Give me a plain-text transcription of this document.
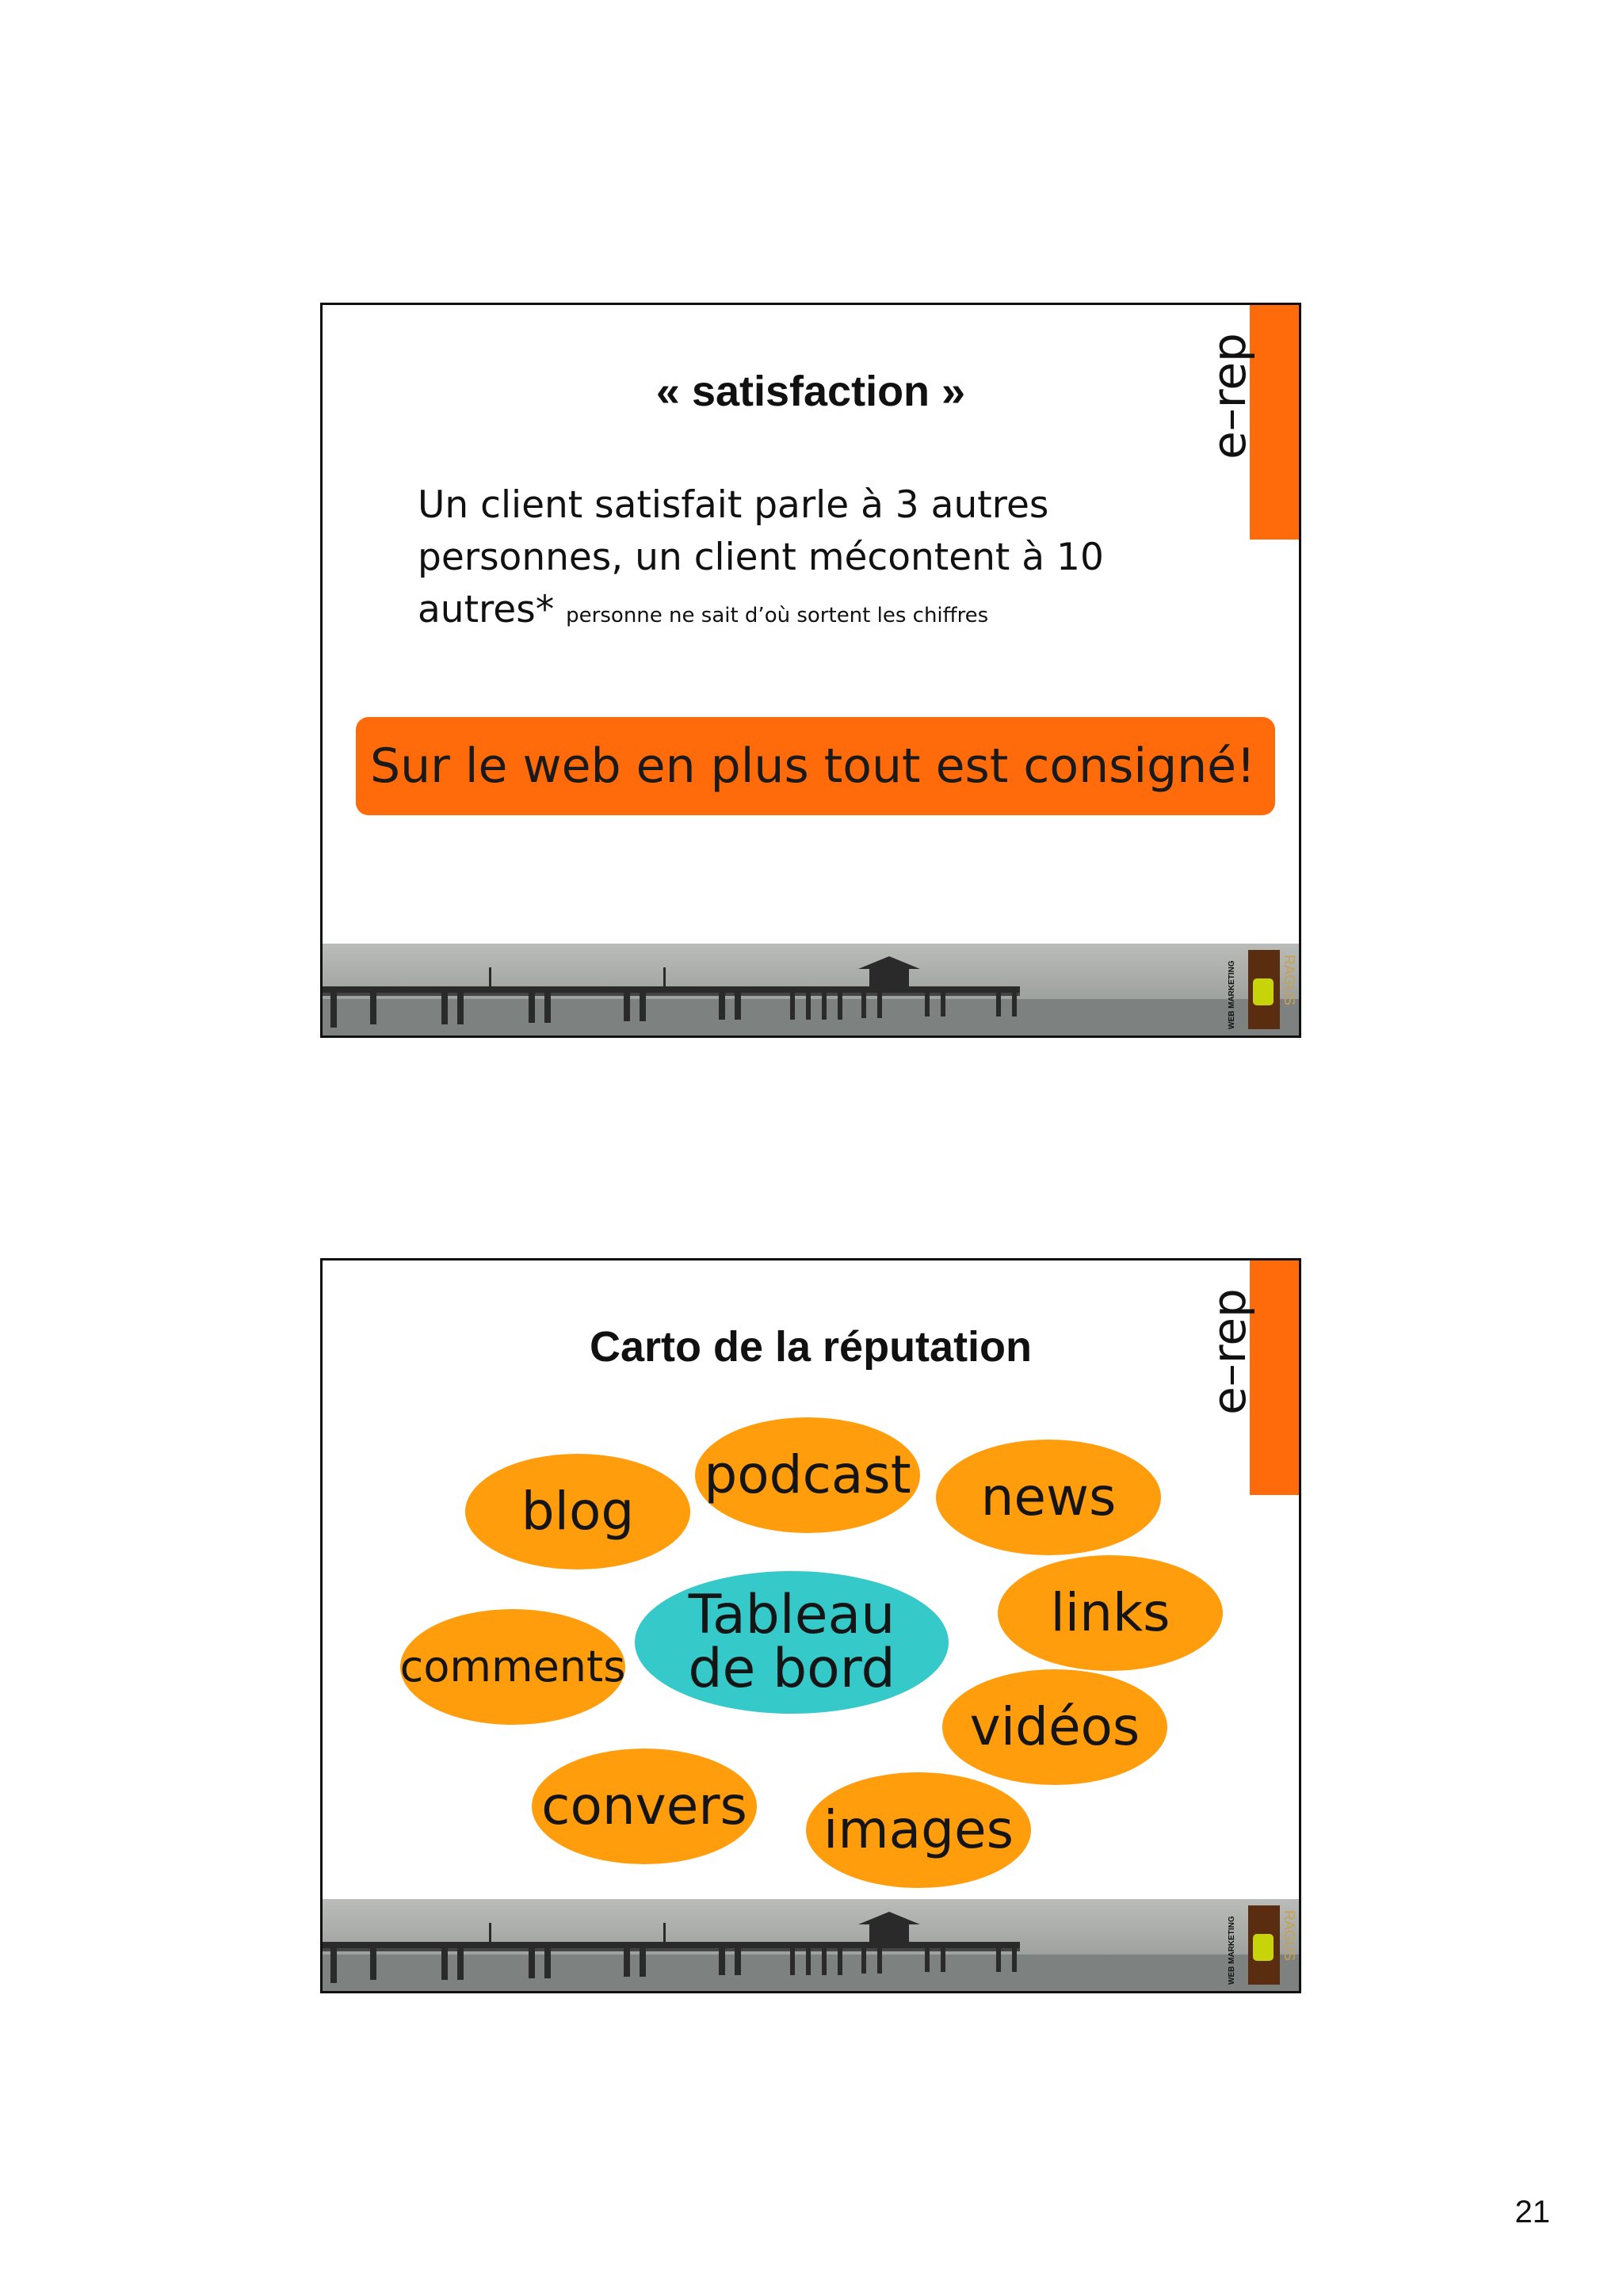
e–rep
« satisfaction »
Un client satisfait parle à 3 autres
personnes, un client mécontent à 10
autres* personne ne sait d’où sortent les chiffres
Sur le web en plus tout est consigné!
WEB MARKETING	RAGUS
e–rep
Carto de la réputation
blog
podcast	news
links
comments
vidéos
convers	images
Tableau
de bord
WEB MARKETING	RAGUS
21
